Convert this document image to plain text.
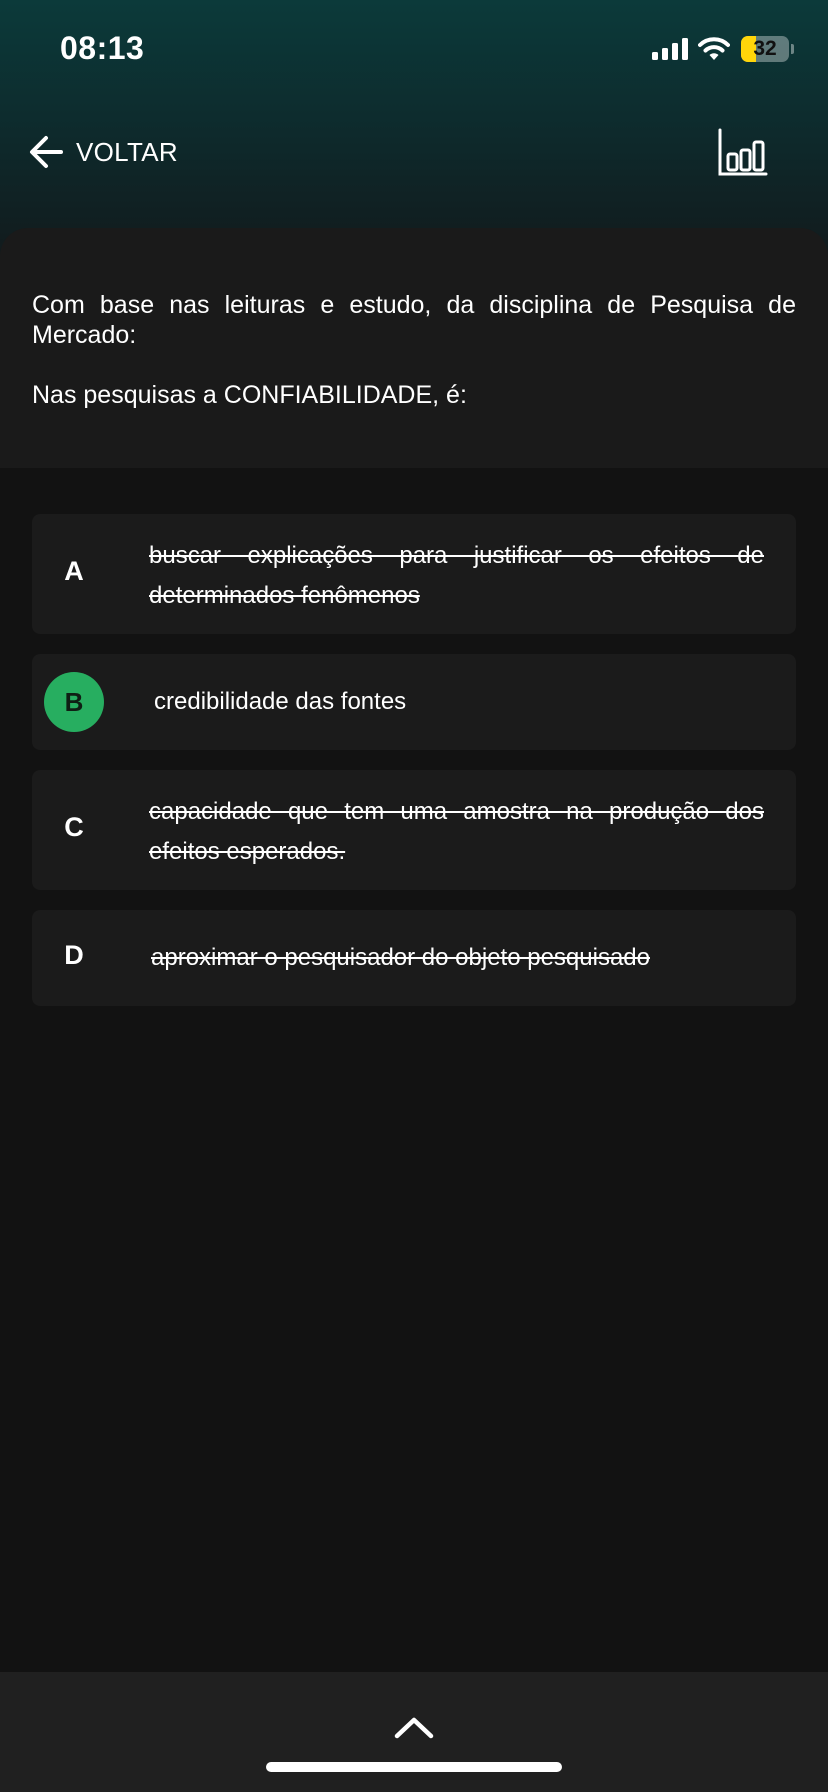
08:13	32
VOLTAR
Com base nas leituras e estudo, da disciplina de Pesquisa de Mercado:
Nas pesquisas a CONFIABILIDADE, é:
A
buscar explicações para justificar os efeitos de determinados fenômenos
B	credibilidade das fontes
C
capacidade que tem uma amostra na produção dos efeitos esperados.
D	aproximar o pesquisador do objeto pesquisado
